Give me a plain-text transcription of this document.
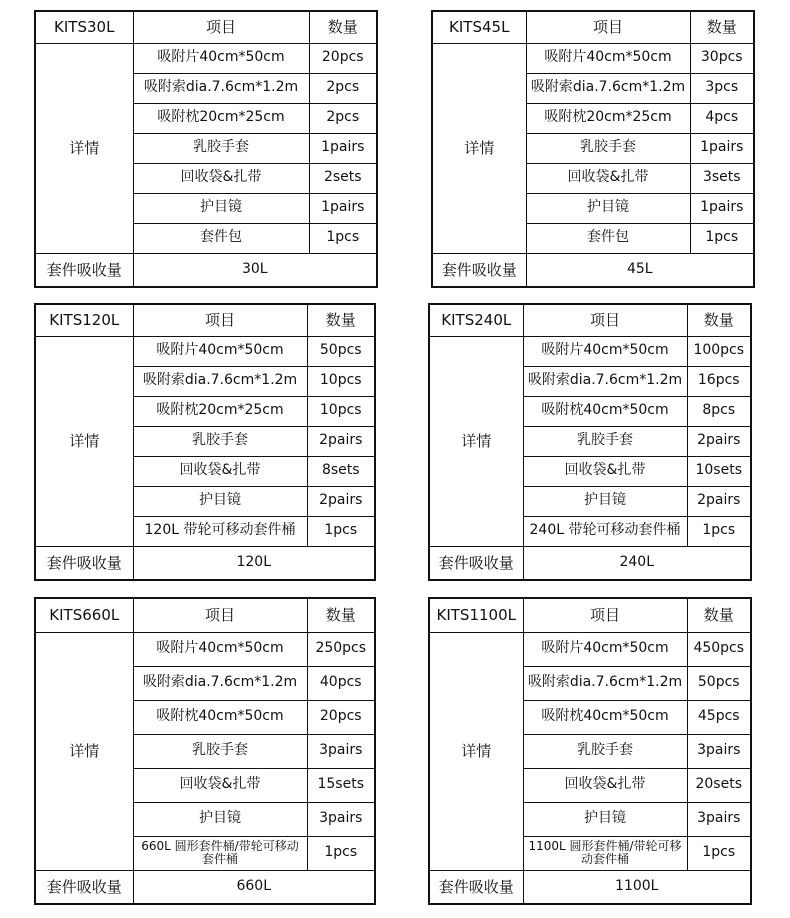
KITS30L	项目	数量
详情	吸附片40cm*50cm	20pcs
	吸附索dia.7.6cm*1.2m	2pcs
	吸附枕20cm*25cm	2pcs
	乳胶手套	1pairs
	回收袋&扎带	2sets
	护目镜	1pairs
	套件包	1pcs
套件吸收量	30L	
KITS45L	项目	数量
详情	吸附片40cm*50cm	30pcs
	吸附索dia.7.6cm*1.2m	3pcs
	吸附枕20cm*25cm	4pcs
	乳胶手套	1pairs
	回收袋&扎带	3sets
	护目镜	1pairs
	套件包	1pcs
套件吸收量	45L	
KITS120L	项目	数量
详情	吸附片40cm*50cm	50pcs
	吸附索dia.7.6cm*1.2m	10pcs
	吸附枕20cm*25cm	10pcs
	乳胶手套	2pairs
	回收袋&扎带	8sets
	护目镜	2pairs
	120L 带轮可移动套件桶	1pcs
套件吸收量	120L	
KITS240L	项目	数量
详情	吸附片40cm*50cm	100pcs
	吸附索dia.7.6cm*1.2m	16pcs
	吸附枕40cm*50cm	8pcs
	乳胶手套	2pairs
	回收袋&扎带	10sets
	护目镜	2pairs
	240L 带轮可移动套件桶	1pcs
套件吸收量	240L	
KITS660L	项目	数量
详情	吸附片40cm*50cm	250pcs
	吸附索dia.7.6cm*1.2m	40pcs
	吸附枕40cm*50cm	20pcs
	乳胶手套	3pairs
	回收袋&扎带	15sets
	护目镜	3pairs
	660L 圆形套件桶/带轮可移动套件桶	1pcs
套件吸收量	660L	
KITS1100L	项目	数量
详情	吸附片40cm*50cm	450pcs
	吸附索dia.7.6cm*1.2m	50pcs
	吸附枕40cm*50cm	45pcs
	乳胶手套	3pairs
	回收袋&扎带	20sets
	护目镜	3pairs
	1100L 圆形套件桶/带轮可移动套件桶	1pcs
套件吸收量	1100L	
